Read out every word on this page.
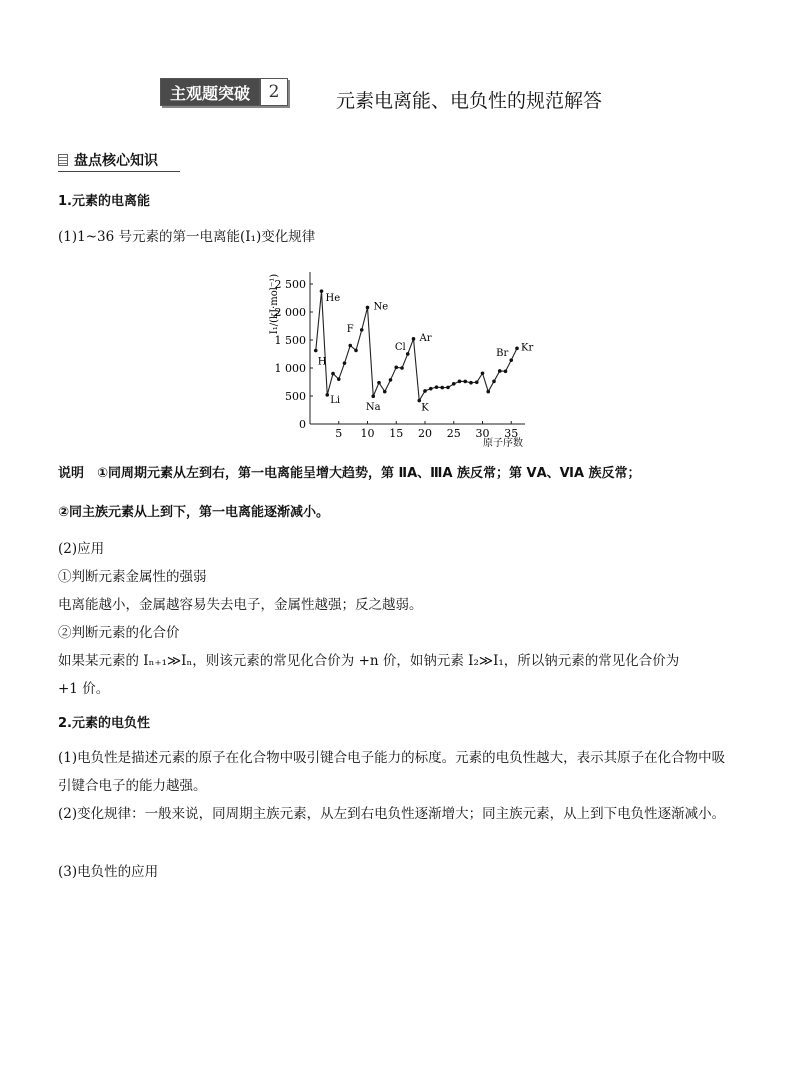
主观题突破	2	元素电离能、电负性的规范解答
盘点核心知识
1.元素的电离能
(1)1~36 号元素的第一电离能(I₁)变化规律
0
500
1 000
1 500
2 000
2 500
5 10 15 20 25 30 35
原子序数
I₁/(kJ·mol⁻¹)
H
He
Li
F
Ne
Na
Cl
Ar
K
Br
Kr
说明　①同周期元素从左到右，第一电离能呈增大趋势，第 ⅡA、ⅢA 族反常；第 ⅤA、ⅥA 族反常；
②同主族元素从上到下，第一电离能逐渐减小。
(2)应用
①判断元素金属性的强弱
电离能越小，金属越容易失去电子，金属性越强；反之越弱。
②判断元素的化合价
如果某元素的 Iₙ₊₁≫Iₙ，则该元素的常见化合价为 +n 价，如钠元素 I₂≫I₁，所以钠元素的常见化合价为
+1 价。
2.元素的电负性
(1)电负性是描述元素的原子在化合物中吸引键合电子能力的标度。元素的电负性越大，表示其原子在化合物中吸引键合电子的能力越强。
(2)变化规律：一般来说，同周期主族元素，从左到右电负性逐渐增大；同主族元素，从上到下电负性逐渐减小。
(3)电负性的应用
